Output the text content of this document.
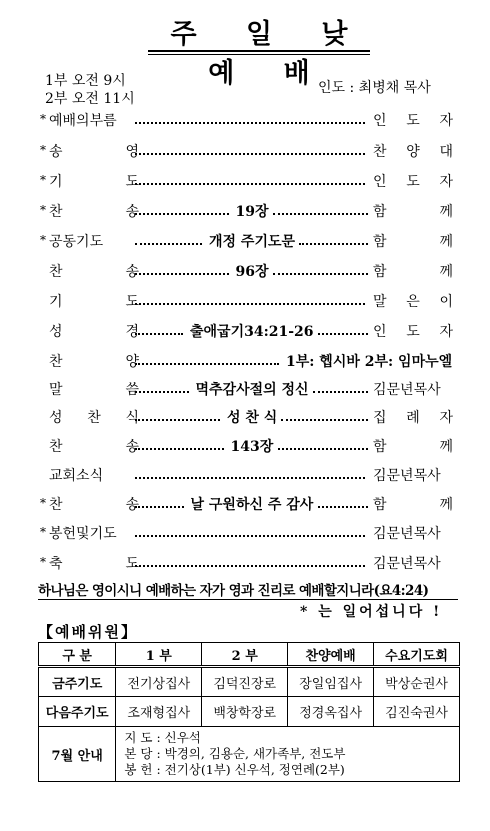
주 일 낮 예 배
1부 오전 9시
2부 오전 11시
인도 : 최병채 목사
* 예배의부름	인 도 자
* 송	영	찬 양 대
* 기	도	인 도 자
* 찬	송	19장	함	께
* 공동기도	개정 주기도문	함	께
찬	송	96장	함	께
기	도	말 은 이
성	경	출애굽기34:21-26	인 도 자
찬	양	1부: 헵시바 2부: 임마누엘
말	씀	멱추감사절의 정신	김문년목사
성 찬 식	성 찬 식	집 례 자
찬	송	143장	함	께
교회소식	김문년목사
* 찬	송	날 구원하신 주 감사	함	께
* 봉헌및기도	김문년목사
* 축	도	김문년목사
하나님은 영이시니 예배하는 자가 영과 진리로 예배할지니라(요4:24)
* 는 일어섭니다 !
【예배위원】
구 분	1 부	2 부	찬양예배	수요기도회
금주기도	전기상집사	김덕진장로	장일임집사	박상순권사
다음주기도	조재형집사	백창학장로	정경옥집사	김진숙권사
7월 안내	지 도 : 신우석
본 당 : 박경의, 김용순, 새가족부, 전도부
봉 헌 : 전기상(1부) 신우석, 정연례(2부)			
